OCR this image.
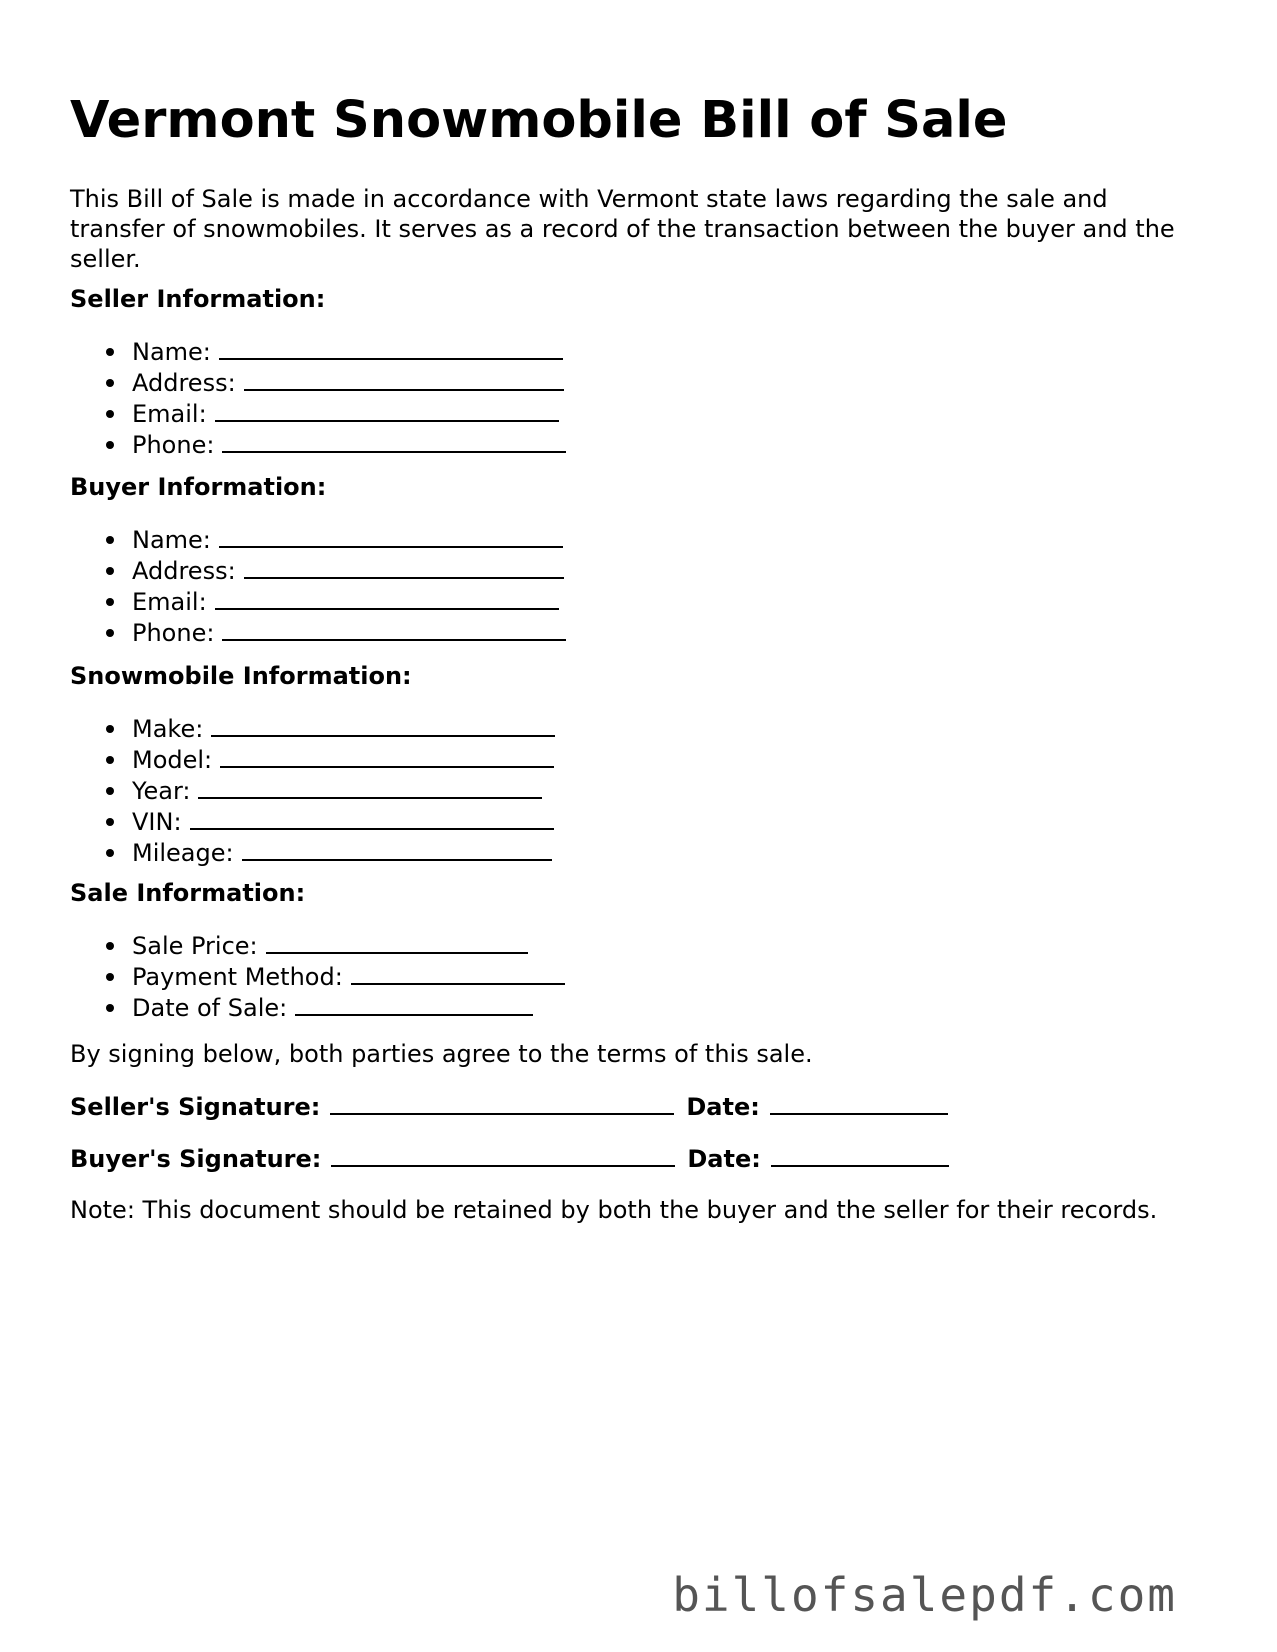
Vermont Snowmobile Bill of Sale

This Bill of Sale is made in accordance with Vermont state laws regarding the sale and transfer of snowmobiles. It serves as a record of the transaction between the buyer and the seller.

Seller Information:
Name:
Address:
Email:
Phone:
Buyer Information:
Name:
Address:
Email:
Phone:
Snowmobile Information:
Make:
Model:
Year:
VIN:
Mileage:
Sale Information:
Sale Price:
Payment Method:
Date of Sale:

By signing below, both parties agree to the terms of this sale.

Seller's Signature:	Date:

Buyer's Signature:	Date:

Note: This document should be retained by both the buyer and the seller for their records.

billofsalepdf.com
